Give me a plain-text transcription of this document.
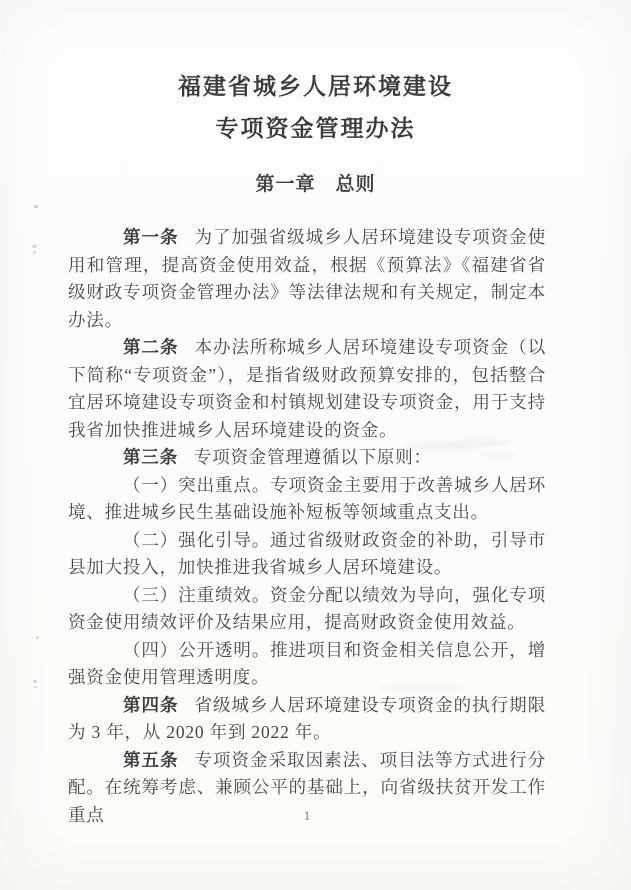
福建省城乡人居环境建设
专项资金管理办法
第一章　总则

第一条 为了加强省级城乡人居环境建设专项资金使用和管理，提高资金使用效益，根据《预算法》《福建省省级财政专项资金管理办法》等法律法规和有关规定，制定本办法。

第二条 本办法所称城乡人居环境建设专项资金（以下简称“专项资金”），是指省级财政预算安排的，包括整合宜居环境建设专项资金和村镇规划建设专项资金，用于支持我省加快推进城乡人居环境建设的资金。

第三条 专项资金管理遵循以下原则：

（一）突出重点。专项资金主要用于改善城乡人居环境、推进城乡民生基础设施补短板等领域重点支出。

（二）强化引导。通过省级财政资金的补助，引导市县加大投入，加快推进我省城乡人居环境建设。

（三）注重绩效。资金分配以绩效为导向，强化专项资金使用绩效评价及结果应用，提高财政资金使用效益。

（四）公开透明。推进项目和资金相关信息公开，增强资金使用管理透明度。

第四条 省级城乡人居环境建设专项资金的执行期限为 3 年，从 2020 年到 2022 年。

第五条 专项资金采取因素法、项目法等方式进行分配。在统筹考虑、兼顾公平的基础上，向省级扶贫开发工作重点	1
